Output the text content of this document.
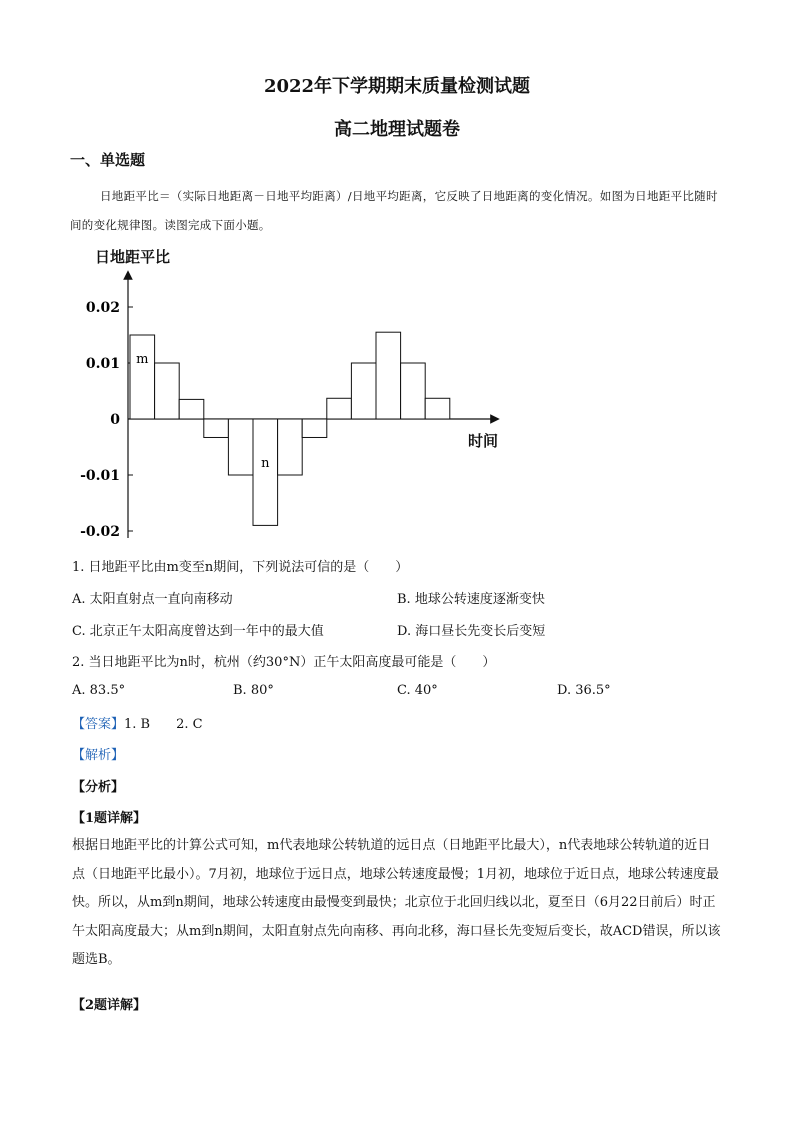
2022年下学期期末质量检测试题
高二地理试题卷
一、单选题
日地距平比＝（实际日地距离－日地平均距离）/日地平均距离，它反映了日地距离的变化情况。如图为日地距平比随时间的变化规律图。读图完成下面小题。
日地距平比
0.02
0.01
0
-0.01
-0.02
m
n
时间
1. 日地距平比由m变至n期间，下列说法可信的是（　　）
A. 太阳直射点一直向南移动	B. 地球公转速度逐渐变快
C. 北京正午太阳高度曾达到一年中的最大值	D. 海口昼长先变长后变短
2. 当日地距平比为n时，杭州（约30°N）正午太阳高度最可能是（　　）
A. 83.5°	B. 80°	C. 40°	D. 36.5°
【答案】1. B　　2. C
【解析】
【分析】
【1题详解】
根据日地距平比的计算公式可知，m代表地球公转轨道的远日点（日地距平比最大），n代表地球公转轨道的近日点（日地距平比最小）。7月初，地球位于远日点，地球公转速度最慢；1月初，地球位于近日点，地球公转速度最快。所以，从m到n期间，地球公转速度由最慢变到最快；北京位于北回归线以北，夏至日（6月22日前后）时正午太阳高度最大；从m到n期间，太阳直射点先向南移、再向北移，海口昼长先变短后变长，故ACD错误，所以该题选B。
【2题详解】
